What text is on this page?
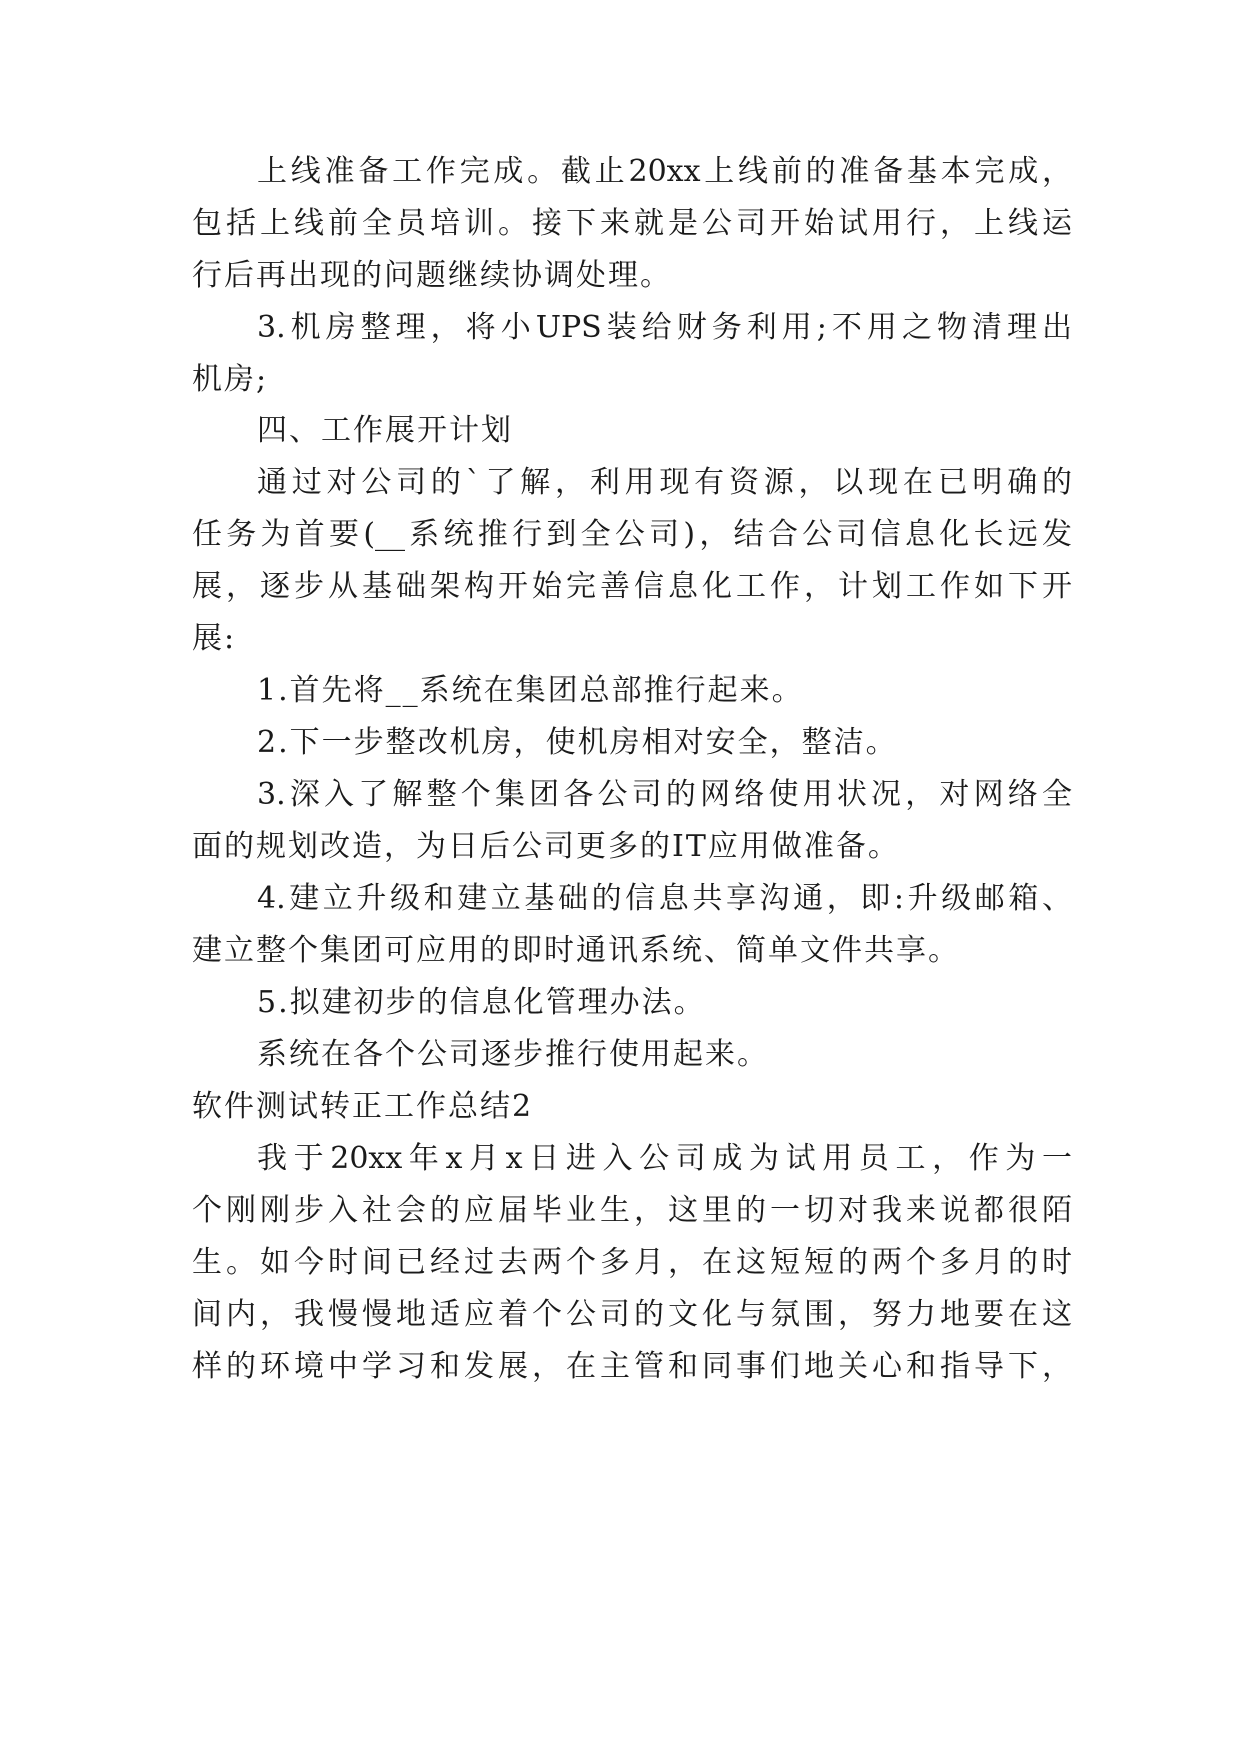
上线准备工作完成。截止20xx上线前的准备基本完成，
包括上线前全员培训。接下来就是公司开始试用行，上线运
行后再出现的问题继续协调处理。
3.机房整理，将小UPS装给财务利用;不用之物清理出
机房;
四、工作展开计划
通过对公司的`了解，利用现有资源，以现在已明确的
任务为首要(__系统推行到全公司)，结合公司信息化长远发
展，逐步从基础架构开始完善信息化工作，计划工作如下开
展:
1.首先将__系统在集团总部推行起来。
2.下一步整改机房，使机房相对安全，整洁。
3.深入了解整个集团各公司的网络使用状况，对网络全
面的规划改造，为日后公司更多的IT应用做准备。
4.建立升级和建立基础的信息共享沟通，即:升级邮箱、
建立整个集团可应用的即时通讯系统、简单文件共享。
5.拟建初步的信息化管理办法。
系统在各个公司逐步推行使用起来。
软件测试转正工作总结2
我于20xx年x月x日进入公司成为试用员工，作为一
个刚刚步入社会的应届毕业生，这里的一切对我来说都很陌
生。如今时间已经过去两个多月，在这短短的两个多月的时
间内，我慢慢地适应着个公司的文化与氛围，努力地要在这
样的环境中学习和发展，在主管和同事们地关心和指导下，
